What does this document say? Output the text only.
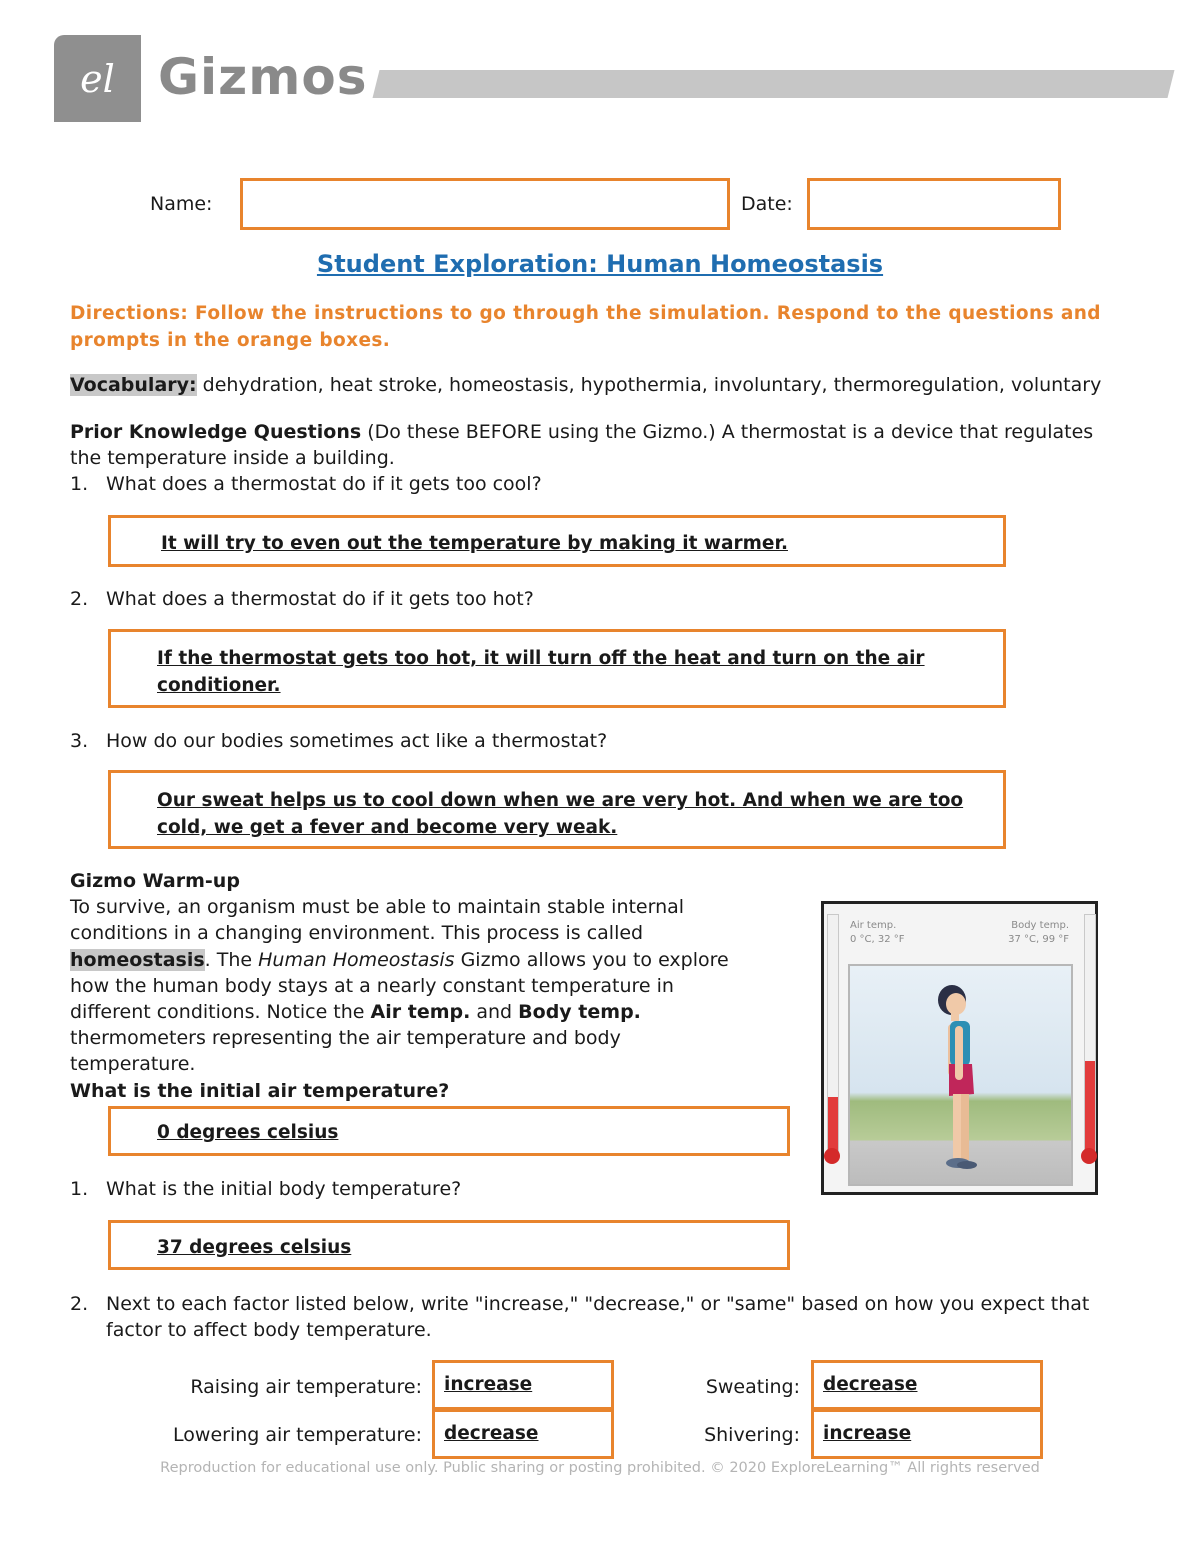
el Gizmos
Name:	Date:
Student Exploration: Human Homeostasis
Directions: Follow the instructions to go through the simulation. Respond to the questions and prompts in the orange boxes.
Vocabulary: dehydration, heat stroke, homeostasis, hypothermia, involuntary, thermoregulation, voluntary
Prior Knowledge Questions (Do these BEFORE using the Gizmo.) A thermostat is a device that regulates the temperature inside a building.
1. What does a thermostat do if it gets too cool?
It will try to even out the temperature by making it warmer.
2. What does a thermostat do if it gets too hot?
If the thermostat gets too hot, it will turn off the heat and turn on the air
conditioner.
3. How do our bodies sometimes act like a thermostat?
Our sweat helps us to cool down when we are very hot. And when we are too
cold, we get a fever and become very weak.
Gizmo Warm-up
To survive, an organism must be able to maintain stable internal conditions in a changing environment. This process is called homeostasis. The Human Homeostasis Gizmo allows you to explore how the human body stays at a nearly constant temperature in different conditions. Notice the Air temp. and Body temp.
thermometers representing the air temperature and body temperature.
What is the initial air temperature?
0 degrees celsius
1. What is the initial body temperature?
37 degrees celsius
2. Next to each factor listed below, write "increase," "decrease," or "same" based on how you expect that factor to affect body temperature.
Air temp.
0 °C, 32 °F
Body temp.
37 °C, 99 °F
Raising air temperature: increase
Lowering air temperature: decrease
Sweating: decrease
Shivering: increase
Reproduction for educational use only. Public sharing or posting prohibited. © 2020 ExploreLearning™ All rights reserved
